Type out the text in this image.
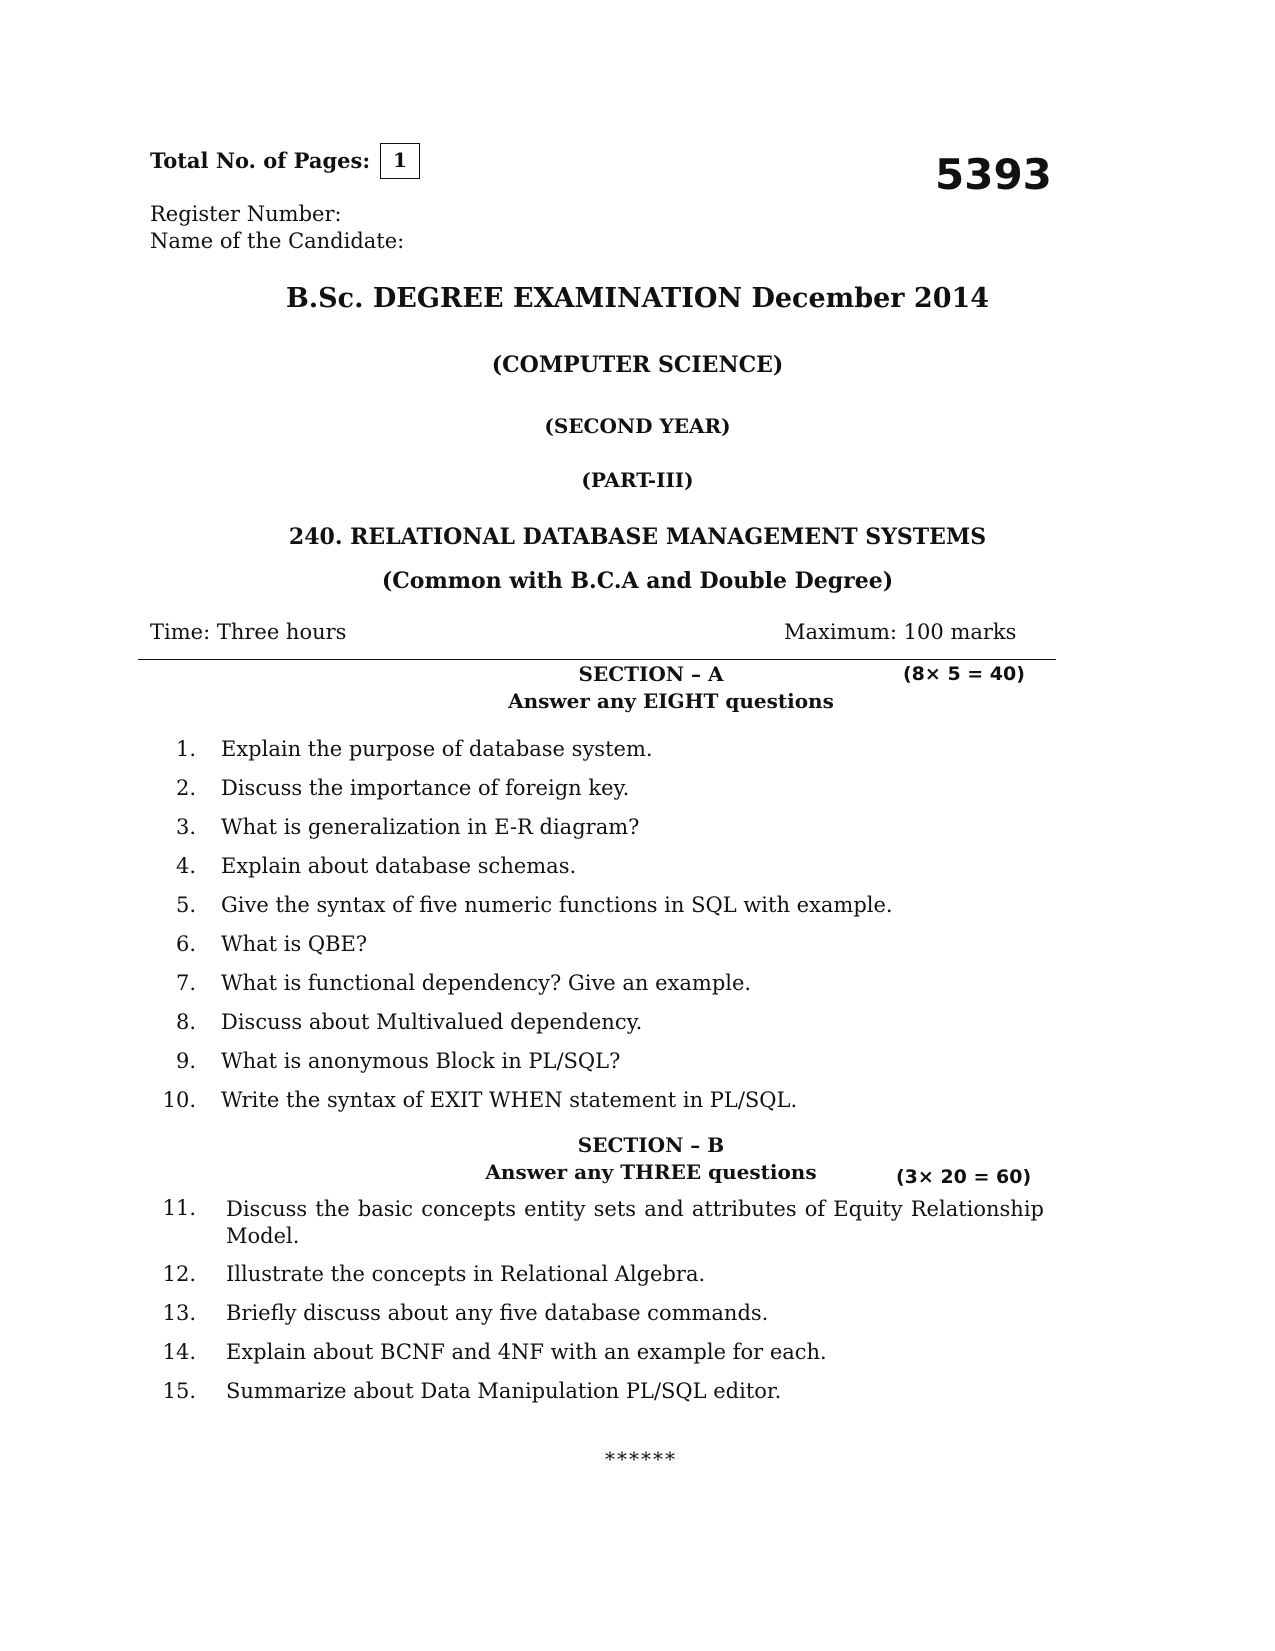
Total No. of Pages:	1	5393
Register Number:
Name of the Candidate:
B.Sc. DEGREE EXAMINATION December 2014
(COMPUTER SCIENCE)
(SECOND YEAR)
(PART-III)
240. RELATIONAL DATABASE MANAGEMENT SYSTEMS
(Common with B.C.A and Double Degree)
Time: Three hours	Maximum: 100 marks
SECTION – A	(8× 5 = 40)
Answer any EIGHT questions
1. Explain the purpose of database system.
2. Discuss the importance of foreign key.
3. What is generalization in E-R diagram?
4. Explain about database schemas.
5. Give the syntax of five numeric functions in SQL with example.
6. What is QBE?
7. What is functional dependency? Give an example.
8. Discuss about Multivalued dependency.
9. What is anonymous Block in PL/SQL?
10. Write the syntax of EXIT WHEN statement in PL/SQL.
SECTION – B
Answer any THREE questions	(3× 20 = 60)
11. Discuss the basic concepts entity sets and attributes of Equity Relationship Model.
12. Illustrate the concepts in Relational Algebra.
13. Briefly discuss about any five database commands.
14. Explain about BCNF and 4NF with an example for each.
15. Summarize about Data Manipulation PL/SQL editor.
******
